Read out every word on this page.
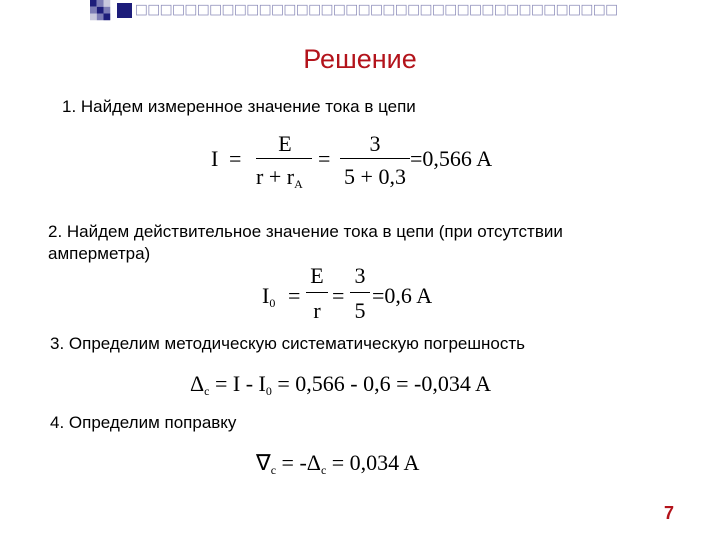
Решение
1. Найдем измеренное значение тока в цепи
I =
E
$r + r_A$
=
3
5 + 0,3
=0,566 A
2. Найдем действительное значение тока в цепи (при отсутствии амперметра)
$I_0$ =
E
r
=
3
5
=0,6 A
3. Определим методическую систематическую погрешность
$\Delta_c = I - I_0 = 0,566 - 0,6 = -0,034$ A
4. Определим поправку
$\nabla_c = -\Delta_c = 0,034$ A
7
